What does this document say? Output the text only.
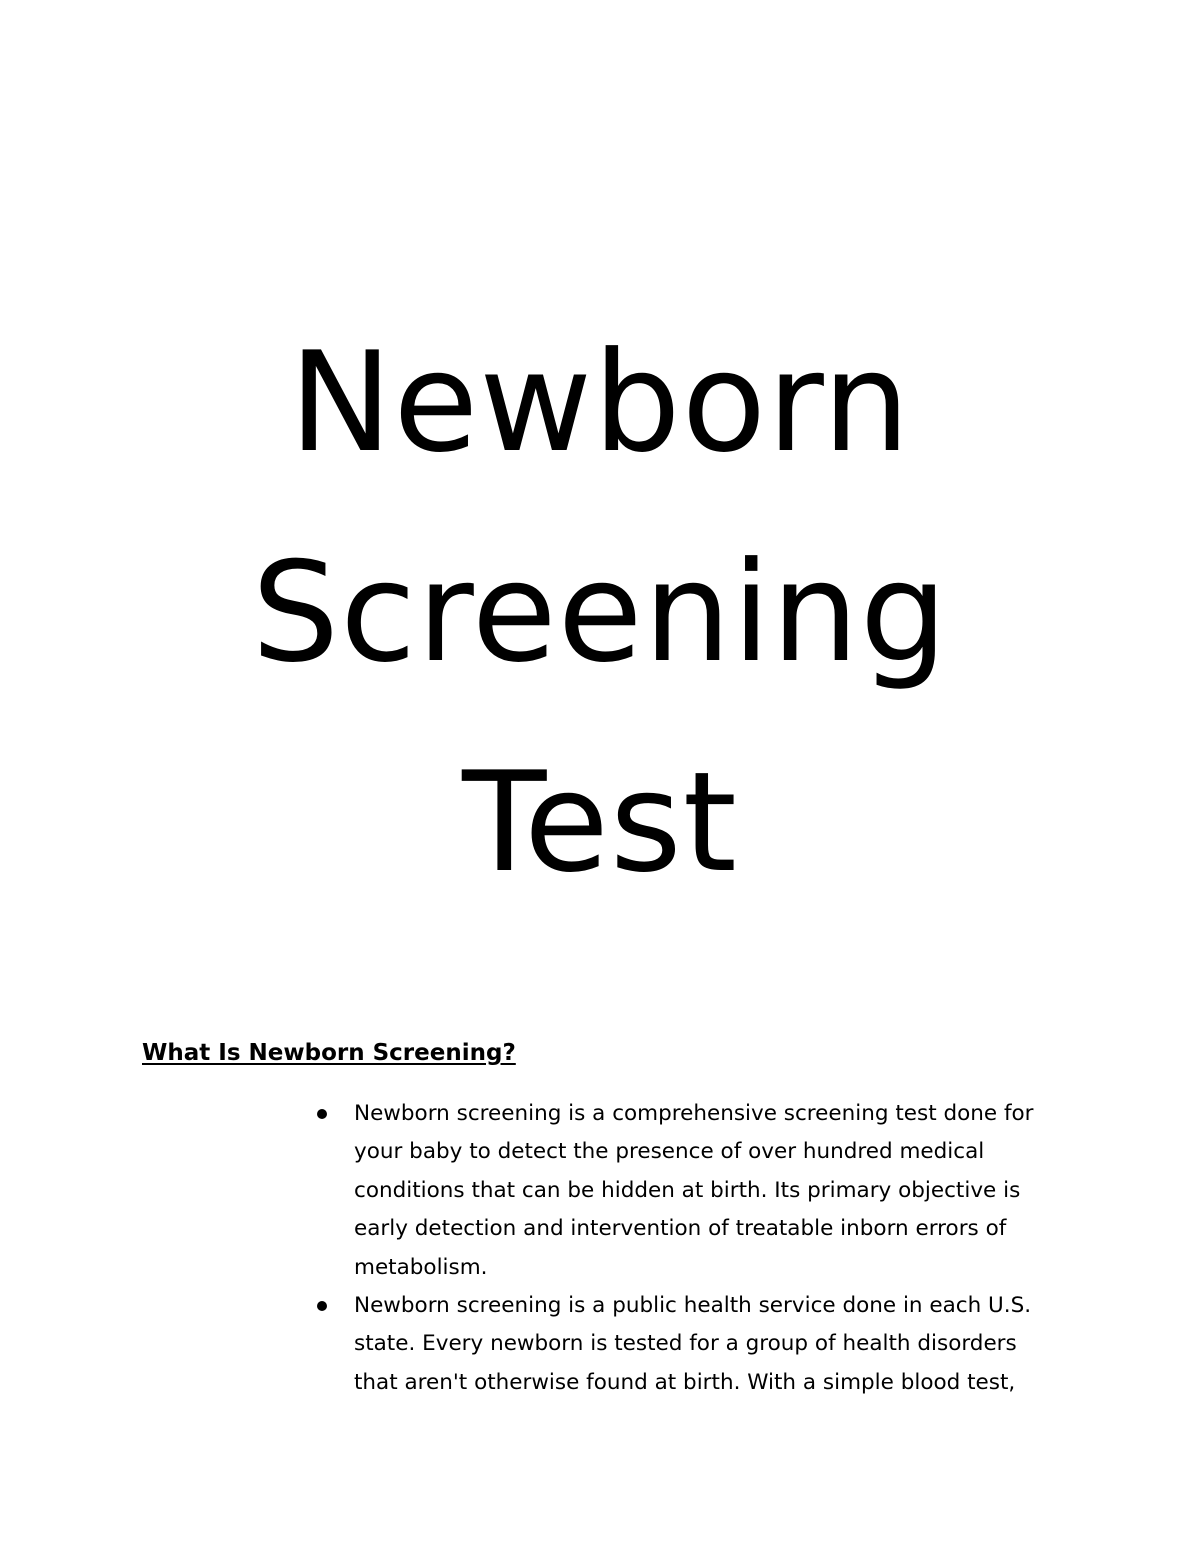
Newborn
Screening
Test
What Is Newborn Screening?
Newborn screening is a comprehensive screening test done for
your baby to detect the presence of over hundred medical
conditions that can be hidden at birth. Its primary objective is
early detection and intervention of treatable inborn errors of
metabolism.
Newborn screening is a public health service done in each U.S.
state. Every newborn is tested for a group of health disorders
that aren't otherwise found at birth. With a simple blood test,
